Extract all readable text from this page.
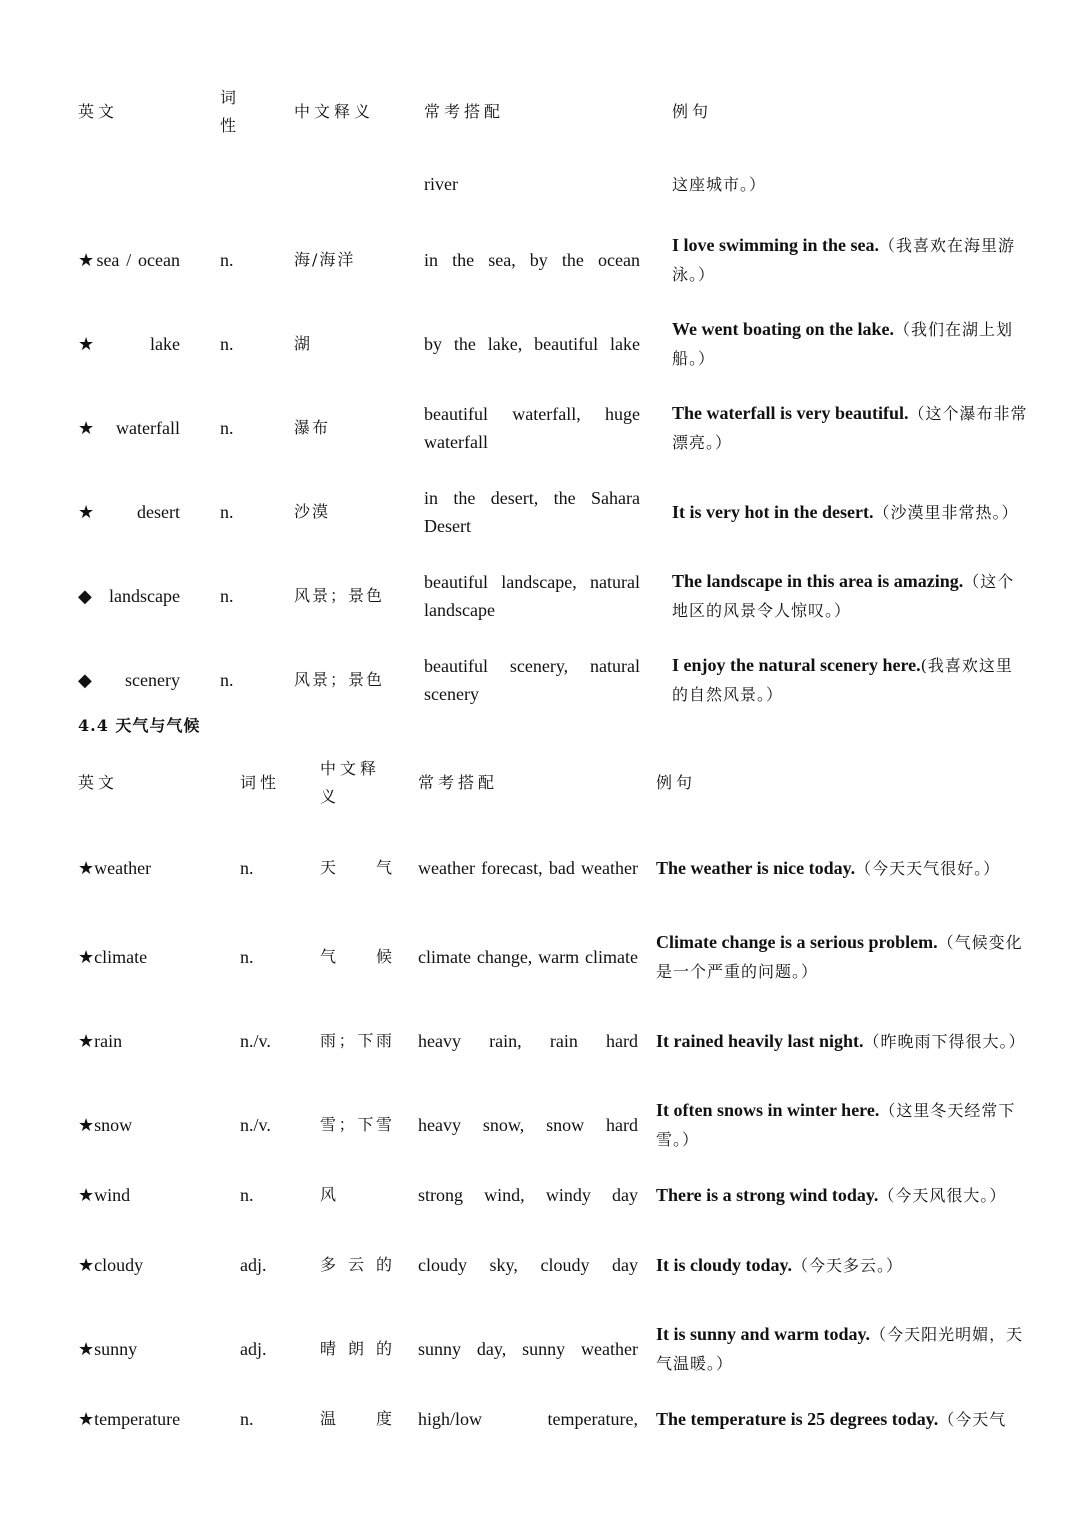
英文	词性	中文释义	常考搭配	例句
			river	这座城市。）
★sea / ocean	n.	海/海洋	in the sea, by the ocean	I love swimming in the sea.（我喜欢在海里游泳。）
★lake	n.	湖	by the lake, beautiful lake	We went boating on the lake.（我们在湖上划船。）
★waterfall	n.	瀑布	beautiful waterfall, huge waterfall	The waterfall is very beautiful.（这个瀑布非常漂亮。）
★desert	n.	沙漠	in the desert, the Sahara Desert	It is very hot in the desert.（沙漠里非常热。）
◆landscape	n.	风景；景色	beautiful landscape, natural landscape	The landscape in this area is amazing.（这个地区的风景令人惊叹。）
◆scenery	n.	风景；景色	beautiful scenery, natural scenery	I enjoy the natural scenery here.(我喜欢这里的自然风景。）
4.4 天气与气候
英文	词性	中文释义	常考搭配	例句
★weather	n.	天气	weather forecast, bad weather	The weather is nice today.（今天天气很好。）
★climate	n.	气候	climate change, warm climate	Climate change is a serious problem.（气候变化是一个严重的问题。）
★rain	n./v.	雨；下雨	heavy rain, rain hard	It rained heavily last night.（昨晚雨下得很大。）
★snow	n./v.	雪；下雪	heavy snow, snow hard	It often snows in winter here.（这里冬天经常下雪。）
★wind	n.	风	strong wind, windy day	There is a strong wind today.（今天风很大。）
★cloudy	adj.	多云的	cloudy sky, cloudy day	It is cloudy today.（今天多云。）
★sunny	adj.	晴朗的	sunny day, sunny weather	It is sunny and warm today.（今天阳光明媚，天气温暖。）
★temperature	n.	温度	high/low temperature,	The temperature is 25 degrees today.（今天气
